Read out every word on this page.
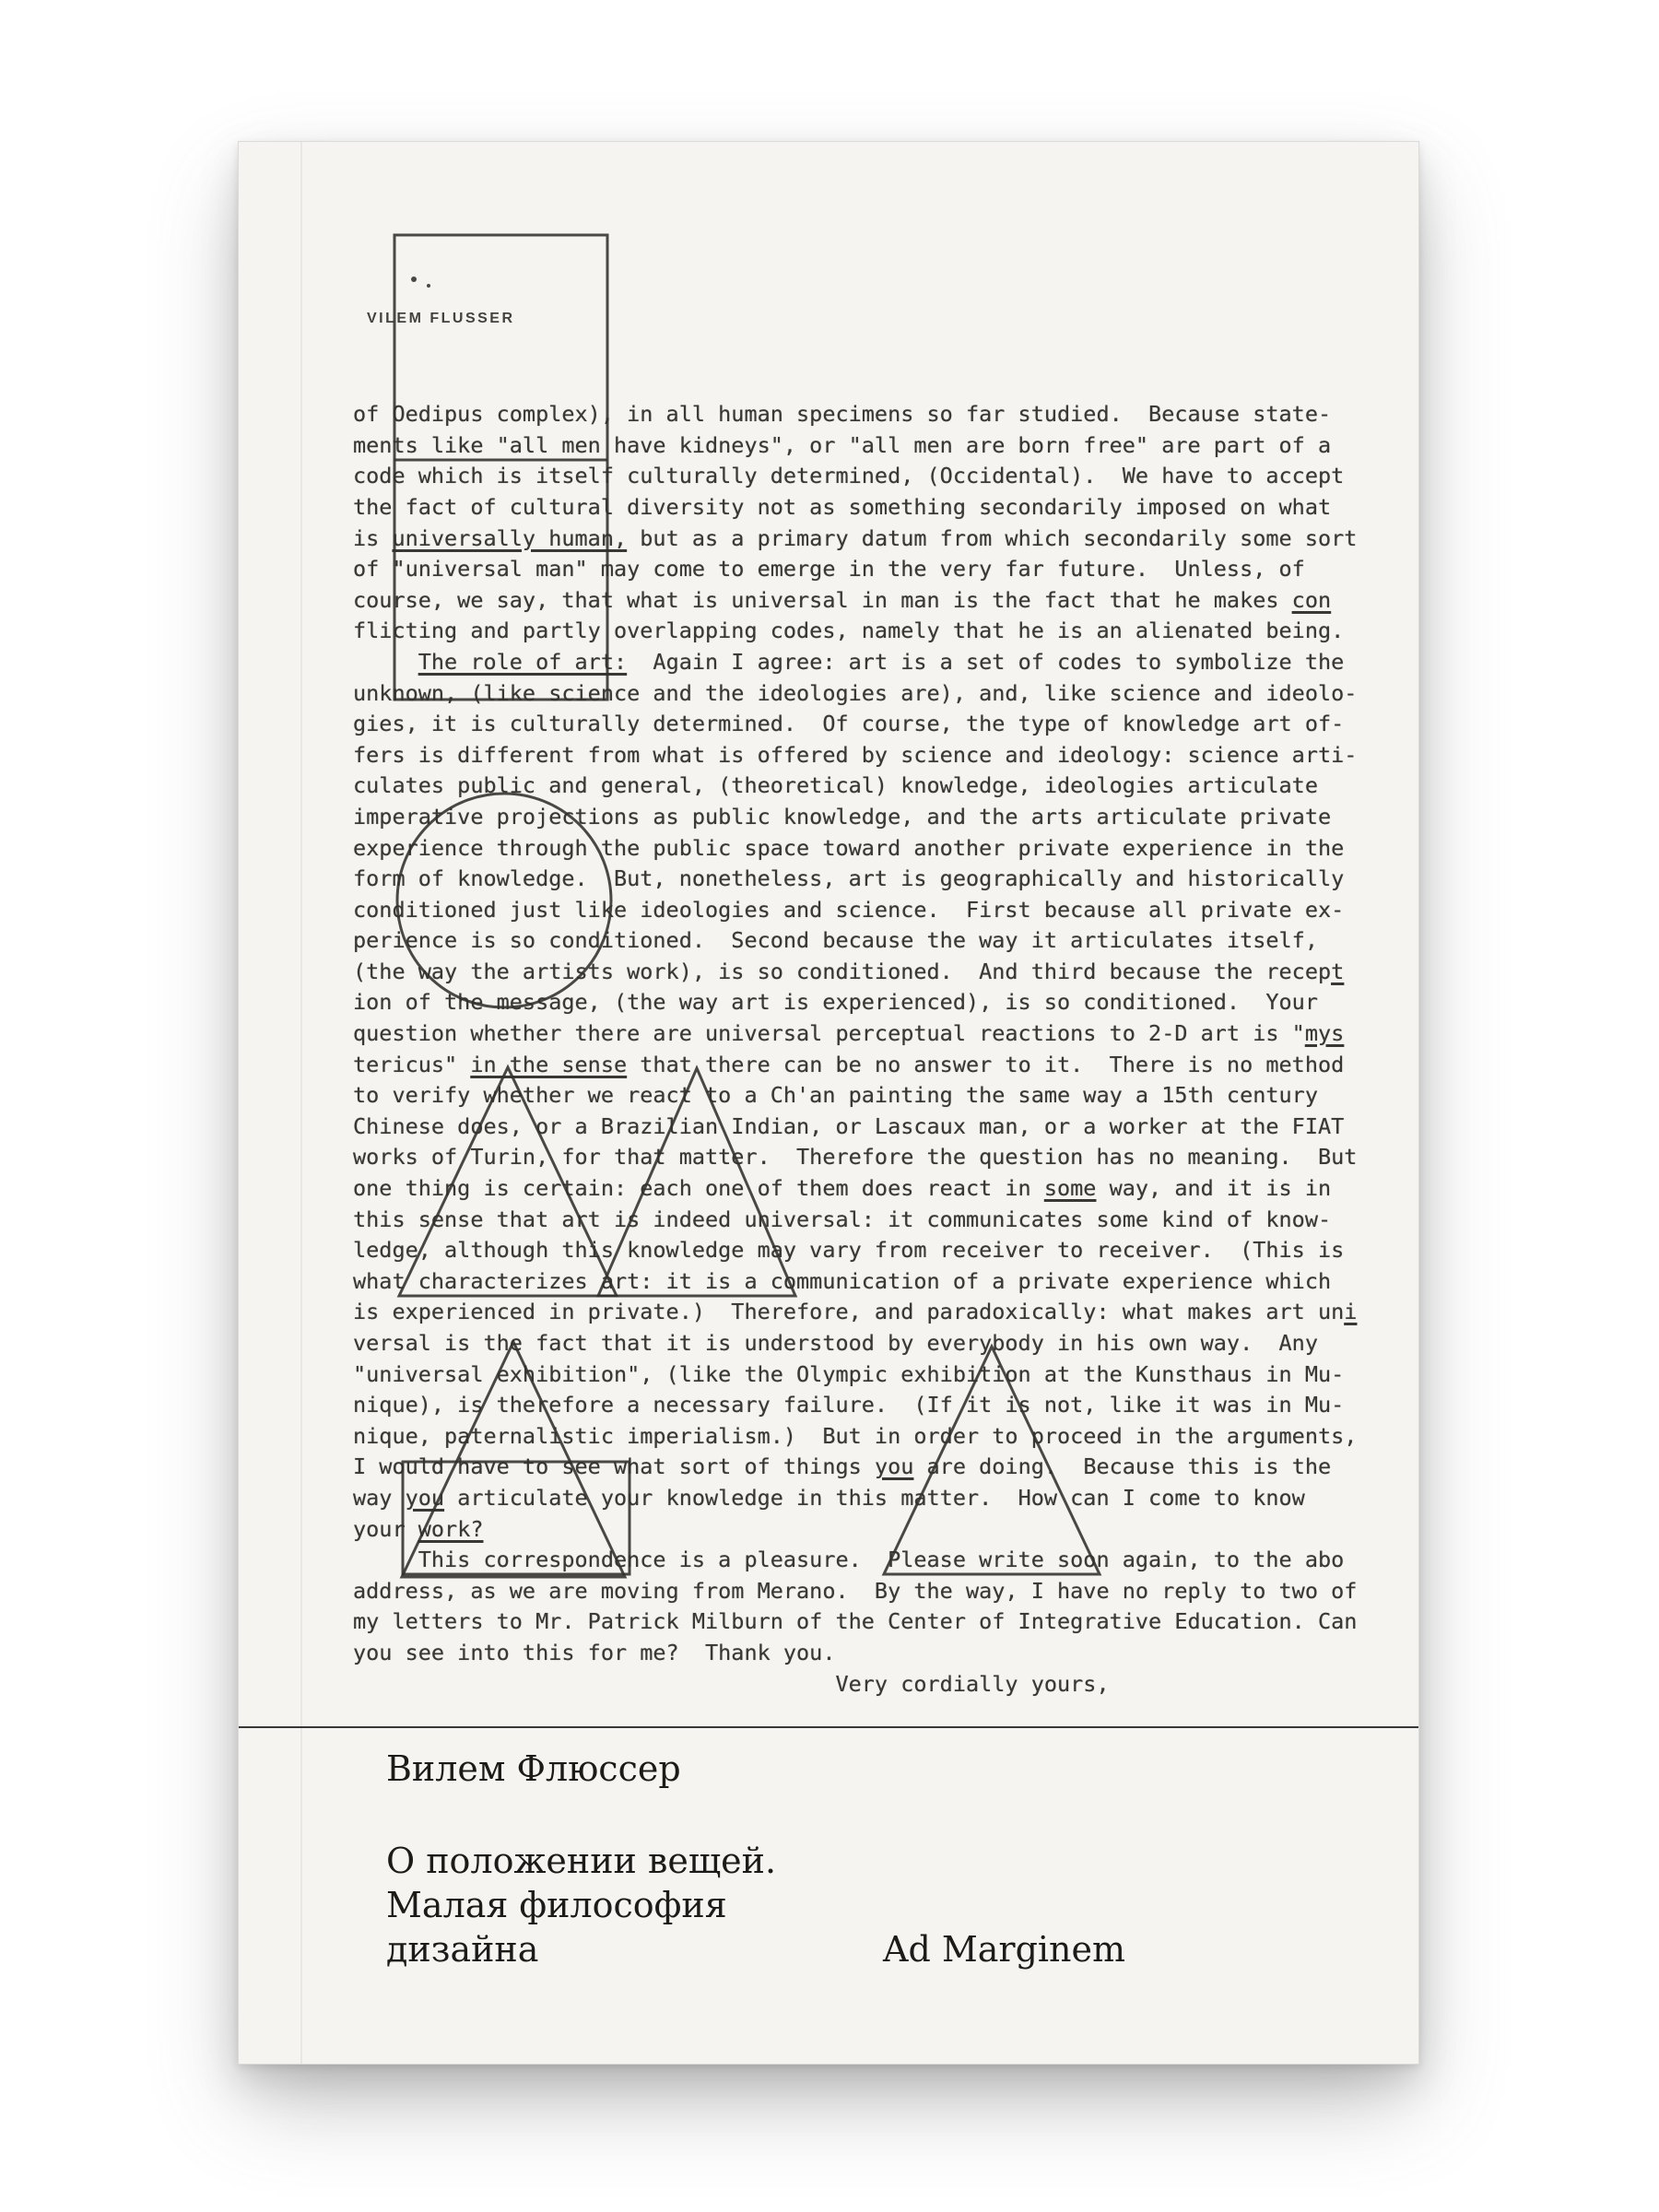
VILEM FLUSSER

of Oedipus complex), in all human specimens so far studied.  Because state-
ments like "all men have kidneys", or "all men are born free" are part of a
code which is itself culturally determined, (Occidental).  We have to accept
the fact of cultural diversity not as something secondarily imposed on what
is universally human, but as a primary datum from which secondarily some sort
of "universal man" may come to emerge in the very far future.  Unless, of
course, we say, that what is universal in man is the fact that he makes con
flicting and partly overlapping codes, namely that he is an alienated being.
The role of art:  Again I agree: art is a set of codes to symbolize the
unknown, (like science and the ideologies are), and, like science and ideolo-
gies, it is culturally determined.  Of course, the type of knowledge art of-
fers is different from what is offered by science and ideology: science arti-
culates public and general, (theoretical) knowledge, ideologies articulate
imperative projections as public knowledge, and the arts articulate private
experience through the public space toward another private experience in the
form of knowledge.  But, nonetheless, art is geographically and historically
conditioned just like ideologies and science.  First because all private ex-
perience is so conditioned.  Second because the way it articulates itself,
(the way the artists work), is so conditioned.  And third because the recept
ion of the message, (the way art is experienced), is so conditioned.  Your
question whether there are universal perceptual reactions to 2-D art is "mys
tericus" in the sense that there can be no answer to it.  There is no method
to verify whether we react to a Ch'an painting the same way a 15th century
Chinese does, or a Brazilian Indian, or Lascaux man, or a worker at the FIAT
works of Turin, for that matter.  Therefore the question has no meaning.  But
one thing is certain: each one of them does react in some way, and it is in
this sense that art is indeed universal: it communicates some kind of know-
ledge, although this knowledge may vary from receiver to receiver.  (This is
what characterizes art: it is a communication of a private experience which
is experienced in private.)  Therefore, and paradoxically: what makes art uni
versal is the fact that it is understood by everybody in his own way.  Any
"universal exhibition", (like the Olympic exhibition at the Kunsthaus in Mu-
nique), is therefore a necessary failure.  (If it is not, like it was in Mu-
nique, paternalistic imperialism.)  But in order to proceed in the arguments,
I would have to see what sort of things you are doing.  Because this is the
way you articulate your knowledge in this matter.  How can I come to know
your work?
This correspondence is a pleasure.  Please write soon again, to the abo
address, as we are moving from Merano.  By the way, I have no reply to two of
my letters to Mr. Patrick Milburn of the Center of Integrative Education. Can
you see into this for me?  Thank you.
Very cordially yours,

Вилем Флюссер
О положении вещей.
Малая философия
дизайна	Ad Marginem
